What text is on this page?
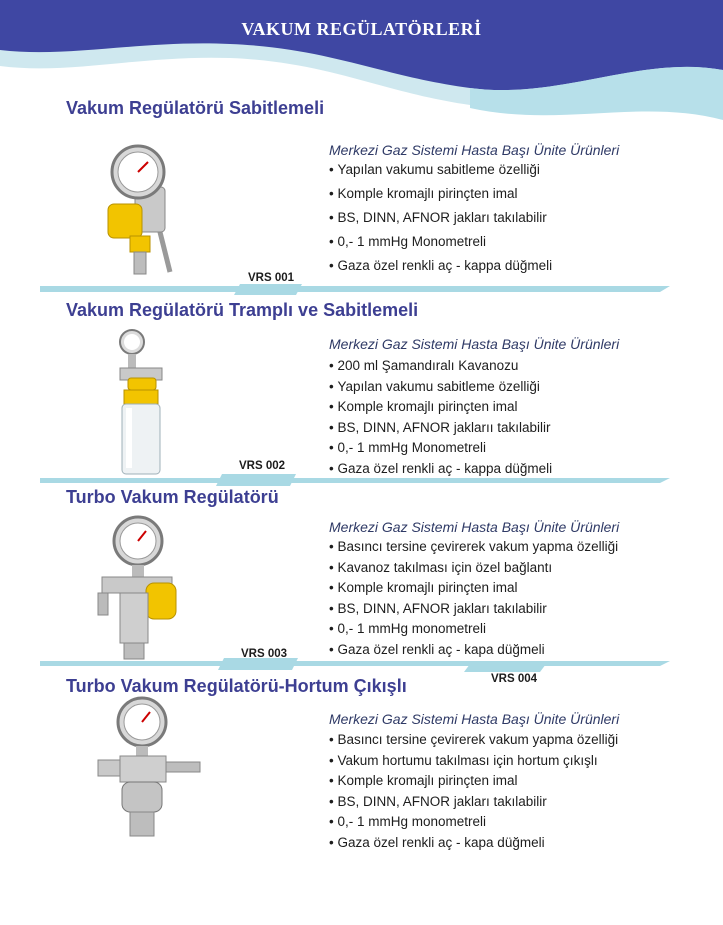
VAKUM REGÜLATÖRLERİ
Vakum Regülatörü Sabitlemeli
Merkezi Gaz Sistemi Hasta Başı Ünite Ürünleri
• Yapılan vakumu sabitleme özelliği
• Komple kromajlı pirinçten imal
• BS, DINN, AFNOR jakları takılabilir
• 0,- 1 mmHg Monometreli
• Gaza özel renkli aç - kappa düğmeli
VRS 001
Vakum Regülatörü Tramplı ve Sabitlemeli
Merkezi Gaz Sistemi Hasta Başı Ünite Ürünleri
• 200 ml Şamandıralı Kavanozu
• Yapılan vakumu sabitleme özelliği
• Komple kromajlı pirinçten imal
• BS, DINN, AFNOR jaklarıı takılabilir
• 0,- 1 mmHg Monometreli
• Gaza özel renkli aç - kappa düğmeli
VRS 002
Turbo Vakum Regülatörü
Merkezi Gaz Sistemi Hasta Başı Ünite Ürünleri
• Basıncı tersine çevirerek vakum yapma özelliği
• Kavanoz takılması için özel bağlantı
• Komple kromajlı pirinçten imal
• BS, DINN, AFNOR jakları takılabilir
• 0,- 1 mmHg monometreli
• Gaza özel renkli aç - kapa düğmeli
VRS 003
VRS 004
Turbo Vakum Regülatörü-Hortum Çıkışlı
Merkezi Gaz Sistemi Hasta Başı Ünite Ürünleri
• Basıncı tersine çevirerek vakum yapma özelliği
• Vakum hortumu takılması için hortum çıkışlı
• Komple kromajlı pirinçten imal
• BS, DINN, AFNOR jakları takılabilir
• 0,- 1 mmHg monometreli
• Gaza özel renkli aç - kapa düğmeli
